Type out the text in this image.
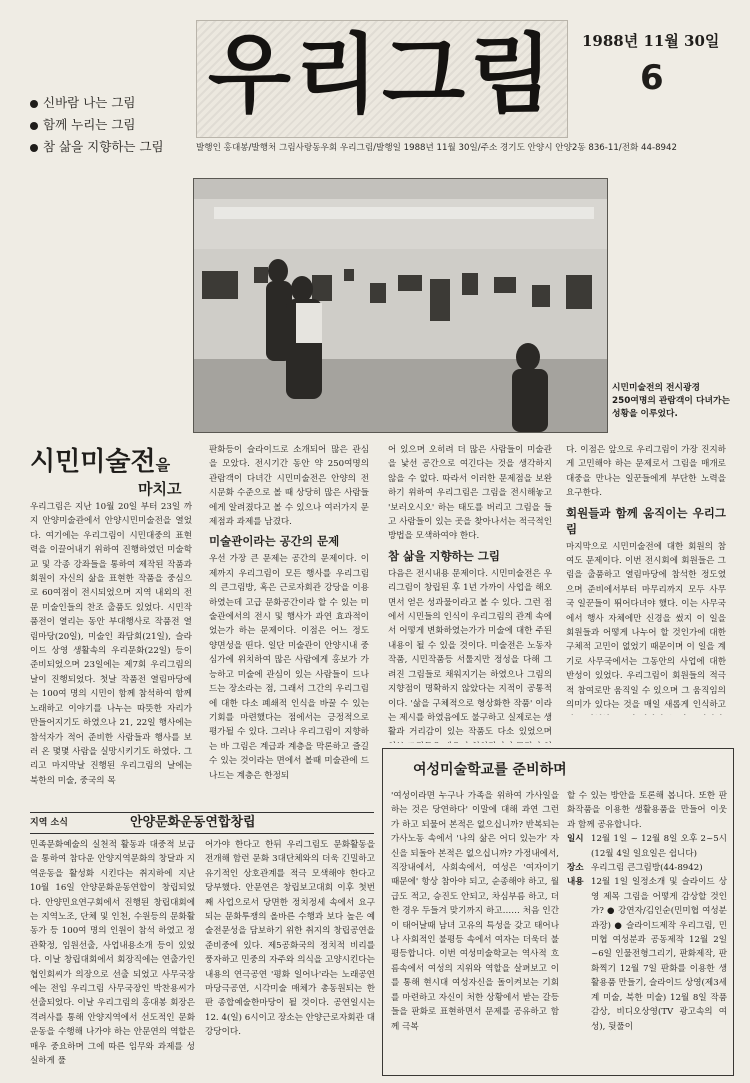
우리그림	1988년 11월 30일
6
신바람 나는 그림
함께 누리는 그림
참 삶을 지향하는 그림	발행인 홍대봉/발행처 그림사랑동우회 우리그림/발행일 1988년 11월 30일/주소 경기도 안양시 안양2동 836-11/전화 44-8942
시민미술전의 전시광경
250여명의 관람객이 다녀가는
성황을 이루었다.
시민미술전을
마치고

우리그림은 지난 10월 20일 부터 23일 까지 안양미술관에서 안양시민미술전을 열었다. 여기에는 우리그림이 시민대중의 표현력을 이끌어내기 위하여 진행하였던 미술학교 및 각종 강좌들을 통하여 제작된 작품과 회원이 자신의 삶을 표현한 작품을 중심으로 60여점이 전시되었으며 지역 내외의 전문 미술인들의 찬조 출품도 있었다. 시민작품전이 열리는 동안 부대행사로 작품전 열림마당(20일), 미술인 좌담회(21일), 슬라이드 상영 생활속의 우리문화(22일) 등이 준비되었으며 23일에는 제7회 우리그림의 날이 진행되었다. 첫날 작품전 열림마당에는 100여 명의 시민이 함께 참석하여 함께 노래하고 이야기를 나누는 따뜻한 자리가 만들어지기도 하였으나 21, 22일 행사에는 참석자가 적어 준비한 사람들과 행사를 보러 온 몇몇 사람을 실망시키기도 하였다. 그리고 마지막날 진행된 우리그림의 날에는 북한의 미술, 중국의 목

판화등이 슬라이드로 소개되어 많은 관심을 모았다. 전시기간 동안 약 250여명의 관람객이 다녀간 시민미술전은 안양의 전시문화 수준으로 볼 때 상당히 많은 사람들에게 알려졌다고 볼 수 있으나 여러가지 문제점과 과제를 남겼다.

미술관이라는 공간의 문제

우선 가장 큰 문제는 공간의 문제이다. 이제까지 우리그림이 모든 행사를 우리그림의 큰그림방, 혹은 근로자회관 강당을 이용하였는데 고급 문화공간이라 할 수 있는 미술관에서의 전시 및 행사가 과연 효과적이었는가 하는 문제이다. 이점은 어느 정도 양면성을 띤다. 일단 미술관이 안양시내 중심가에 위치하여 많은 사람에게 홍보가 가능하고 미술에 관심이 있는 사람들이 드나드는 장소라는 점, 그래서 그간의 우리그림에 대한 다소 폐쇄적 인식을 바꿀 수 있는 기회를 마련했다는 점에서는 긍정적으로 평가될 수 있다. 그러나 우리그림이 지향하는 바 그림은 계급과 계층을 막론하고 즐길 수 있는 것이라는 면에서 볼때 미술관에 드나드는 계층은 한정되

어 있으며 오히려 더 많은 사람들이 미술관을 낯선 공간으로 여긴다는 것을 생각하지 않을 수 없다. 따라서 이러한 문제점을 보완하기 위하여 우리그림은 그림을 전시해놓고 '보러오시오' 하는 태도를 버리고 그림을 들고 사람들이 있는 곳을 찾아나서는 적극적인 방법을 모색하여야 한다.

참 삶을 지향하는 그림

다음은 전시내용 문제이다. 시민미술전은 우리그림이 창립된 후 1년 가까이 사업을 해오면서 얻은 성과물이라고 볼 수 있다. 그런 점에서 시민들의 인식이 우리그림의 관계 속에서 어떻게 변화하였는가가 미술에 대한 주된 내용이 될 수 있을 것이다. 미술전은 노동자 작품, 시민작품등 서툴지만 정성을 다해 그려진 그림들로 채워지기는 하였으나 그림의 지향점이 명확하지 않았다는 지적이 공통적이다. '삶을 구체적으로 형상화한 작품' 이라는 제시를 하였음에도 불구하고 실제로는 생활과 거리감이 있는 작품도 다소 있었으며

다. 이점은 앞으로 우리그림이 가장 진지하게 고민해야 하는 문제로서 그림을 매개로 대중을 만나는 일꾼들에게 부단한 노력을 요구한다.

회원들과 함께 움직이는 우리그림

마지막으로 시민미술전에 대한 회원의 참여도 문제이다. 이번 전시회에 회원들은 그림을 출품하고 열림마당에 참석한 정도였으며 준비에서부터 마무리까지 모두 사무국 일꾼들이 뛰어다녀야 했다. 이는 사무국에서 행사 자체에만 신경을 썼지 이 일을 회원들과 어떻게 나누어 할 것인가에 대한 구체적 고민이 없었기 때문이며 이 일을 계기로 사무국에서는 그동안의 사업에 대한 반성이 있었다. 우리그림이 회원들의 적극적 참여로만 움직일 수 있으며 그 움직임의 의미가 있다는 것을 매일 새롭게 인식하고

지역 소식	안양문화운동연합창립

민족문화예술의 실천적 활동과 대중적 보급을 통하여 참다운 안양지역문화의 창달과 지역운동을 활성화 시킨다는 취지하에 지난 10월 16일 안양문화운동연합이 창립되었다. 안양민요연구회에서 진행된 창립대회에는 지역노조, 단체 및 인천, 수원등의 문화활동가 등 100여 명의 인원이 참석 하였고 정관확정, 임원선출, 사업내용소개 등이 있었다. 이날 창립대회에서 회장직에는 연출가인 협인회씨가 의장으로 선출 되었고 사무국장에는 전임 우리그림 사무국장인 박찬용씨가 선출되었다. 이날 우리그림의 홍대봉 회장은 격려사를 통해 안양지역에서 선도적인 문화운동을 수행해 나가야 하는 안문연의 역할은 매우 중요하며 그에 따른 임무와 과제를 성실하게 풀

어가야 한다고 한뒤 우리그림도 문화활동을 전개해 함런 문화 3대단체와의 더욱 긴밀하고 유기적인 상호관계를 적극 모색해야 한다고 당부했다. 안문연은 창립보고대회 이후 첫번째 사업으로서 당면한 정치정세 속에서 요구되는 문화투쟁의 올바른 수행과 보다 높은 예술전문성을 담보하기 위한 취지의 창립공연을 준비중에 있다. 제5공화국의 정치적 비리를 풍자하고 민중의 자주와 의식을 고양시킨다는 내용의 연극공연 '평화 일어나'라는 노래공연 마당극공연, 시각미술 매체가 총동원되는 한판 종합예술한마당이 될 것이다. 공연일시는 12. 4(일) 6시이고 장소는 안양근로자회관 대강당이다.

여성미술학교를 준비하며

'여성이라면 누구나 가족을 위하여 가사일을 하는 것은 당연하다' 이말에 대해 과연 그런가 하고 되물어 본적은 없으십니까? 반복되는 가사노동 속에서 '나의 삶은 어디 있는가' 자신을 되돌아 본적은 없으십니까? 가정내에서, 직장내에서, 사회속에서, 여성은 '여자이기 때문에' 항상 참아야 되고, 순종해야 하고, 월급도 적고, 승진도 안되고, 차심부름 하고, 더한 경우 두들겨 맞기까지 하고…… 처음 인간이 태어날때 남녀 고유의 특성을 갖고 태어나나 사회적인 불평등 속에서 여자는 더욱더 불평등합니다. 이번 여성미술학교는 역사적 흐름속에서 여성의 지위와 역할을 살펴보고 이를 통해 현시대 여성자신을 돌이켜보는 기회를 마련하고 자신이 처한 상황에서 받는 갈등들을 판화로 표현하면서 문제를 공유하고 함께 극복

할 수 있는 방안을 토론해 봅니다. 또한 판화작품을 이용한 생활용품을 만들어 이웃과 함께 공유합니다.

일시 12월 1일 ~ 12월 8일 오후 2~5시 (12월 4일 일요일은 쉽니다)
장소 우리그림 큰그림방(44-8942)
내용 12월 1일 일정소개 및 슬라이드 상영 제목 그림을 어떻게 감상할 것인가? ● 강연자/김인순(민미협 여성분과장) ● 슬라이드제작 우리그림, 민미협 여성분과 공동제작 12월 2일~6일 인물전형그리기, 판화제작, 판화찍기 12월 7일 판화를 이용한 생활용품 만들기, 슬라이드 상영(제3세계 미술, 북한 미술) 12월 8일 작품감상, 비디오상영(TV 광고속의 여성), 뒷풀이
